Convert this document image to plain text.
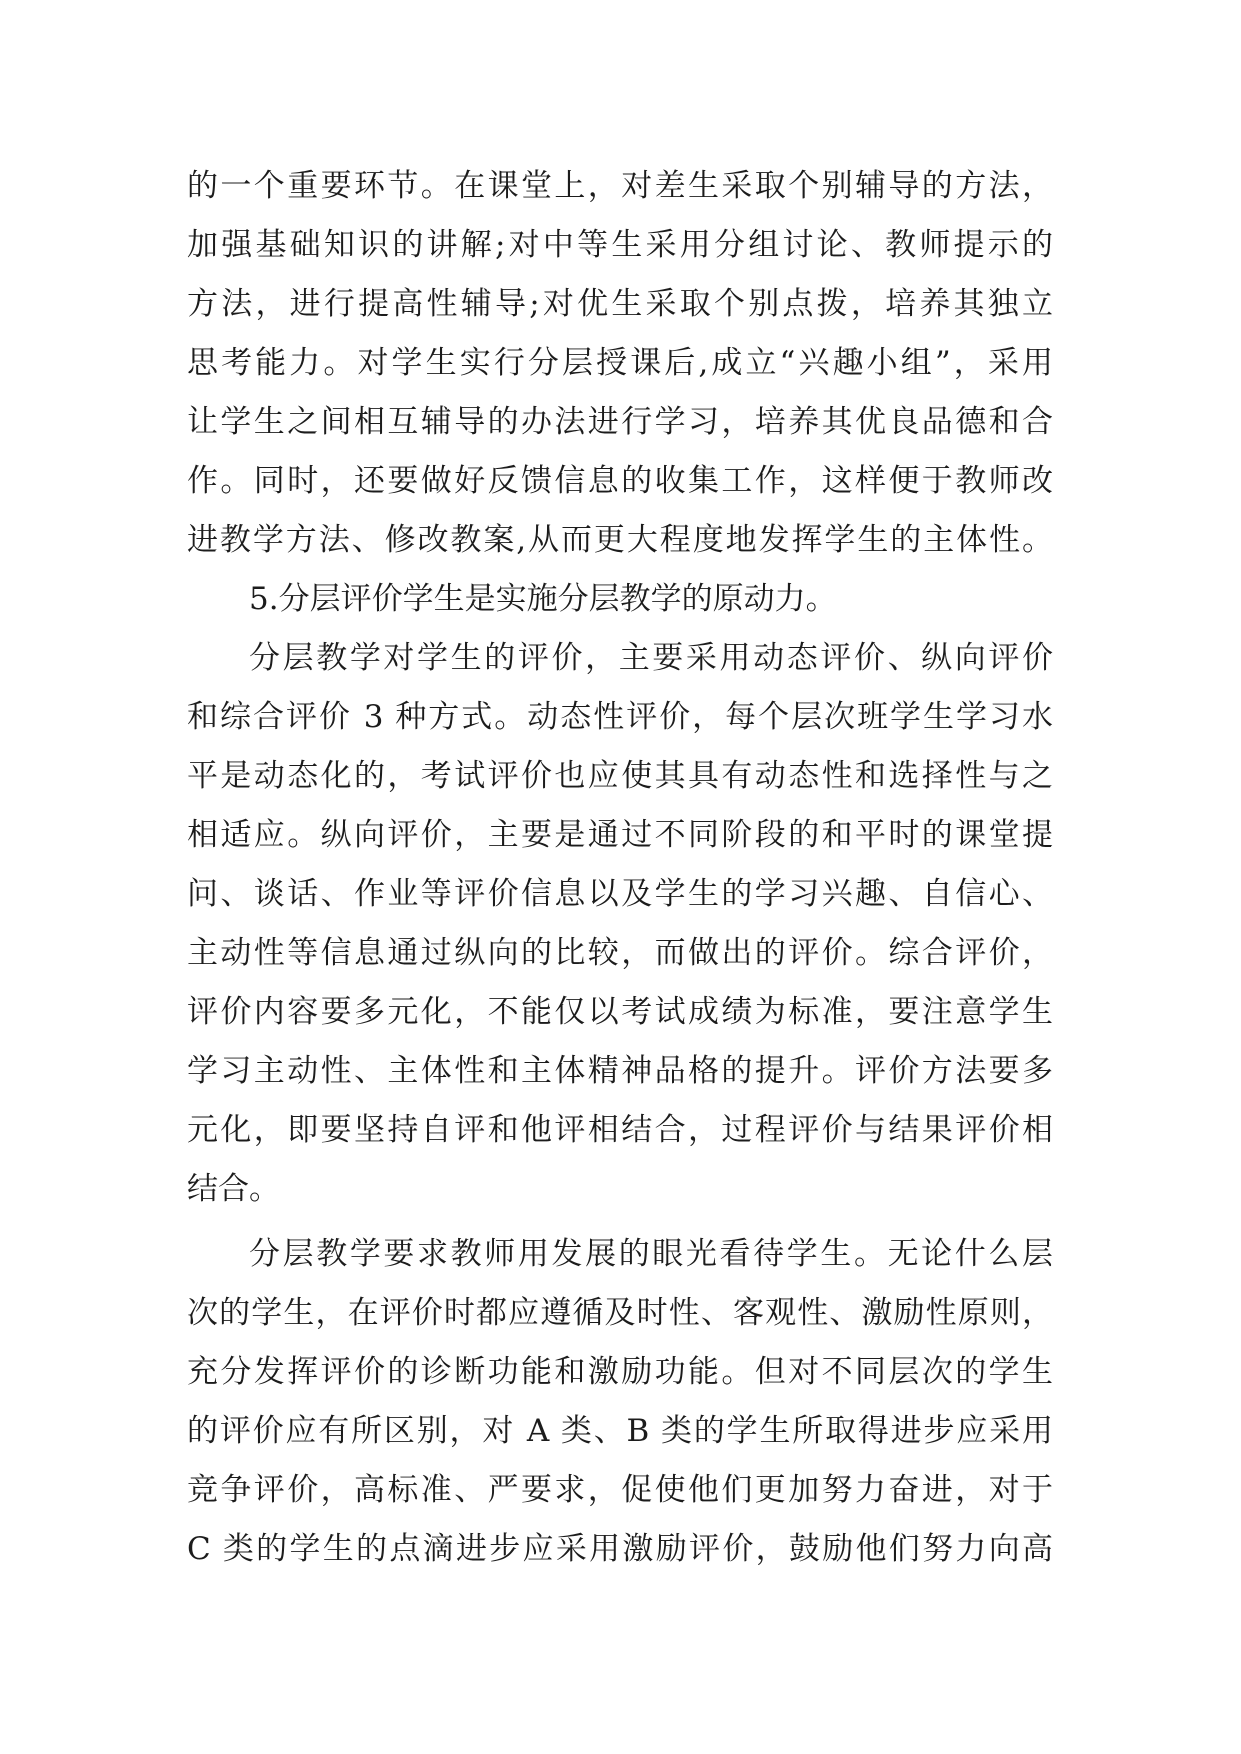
的一个重要环节。在课堂上，对差生采取个别辅导的方法，
加强基础知识的讲解;对中等生采用分组讨论、教师提示的
方法，进行提高性辅导;对优生采取个别点拨，培养其独立
思考能力。对学生实行分层授课后,成立“兴趣小组”，采用
让学生之间相互辅导的办法进行学习，培养其优良品德和合
作。同时，还要做好反馈信息的收集工作，这样便于教师改
进教学方法、修改教案,从而更大程度地发挥学生的主体性。
5.分层评价学生是实施分层教学的原动力。
分层教学对学生的评价，主要采用动态评价、纵向评价
和综合评价 3 种方式。动态性评价，每个层次班学生学习水
平是动态化的，考试评价也应使其具有动态性和选择性与之
相适应。纵向评价，主要是通过不同阶段的和平时的课堂提
问、谈话、作业等评价信息以及学生的学习兴趣、自信心、
主动性等信息通过纵向的比较，而做出的评价。综合评价，
评价内容要多元化，不能仅以考试成绩为标准，要注意学生
学习主动性、主体性和主体精神品格的提升。评价方法要多
元化，即要坚持自评和他评相结合，过程评价与结果评价相
结合。
分层教学要求教师用发展的眼光看待学生。无论什么层
次的学生，在评价时都应遵循及时性、客观性、激励性原则，
充分发挥评价的诊断功能和激励功能。但对不同层次的学生
的评价应有所区别，对 A 类、B 类的学生所取得进步应采用
竞争评价，高标准、严要求，促使他们更加努力奋进，对于
C 类的学生的点滴进步应采用激励评价，鼓励他们努力向高
